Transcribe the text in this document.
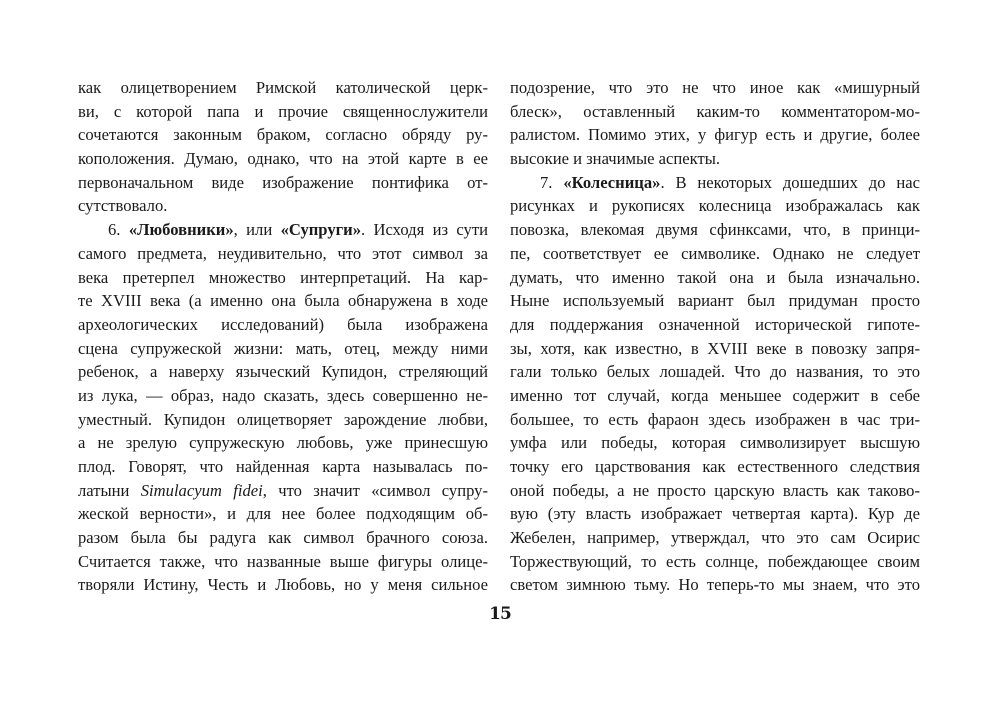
как олицетворением Римской католической церк-
ви, с которой папа и прочие священнослужители
сочетаются законным браком, согласно обряду ру-
коположения. Думаю, однако, что на этой карте в ее
первоначальном виде изображение понтифика от-
сутствовало.
6. «Любовники», или «Супруги». Исходя из сути
самого предмета, неудивительно, что этот символ за
века претерпел множество интерпретаций. На кар-
те XVIII века (а именно она была обнаружена в ходе
археологических исследований) была изображена
сцена супружеской жизни: мать, отец, между ними
ребенок, а наверху языческий Купидон, стреляющий
из лука, — образ, надо сказать, здесь совершенно не-
уместный. Купидон олицетворяет зарождение любви,
а не зрелую супружескую любовь, уже принесшую
плод. Говорят, что найденная карта называлась по-
латыни Simulacyum fidei, что значит «символ супру-
жеской верности», и для нее более подходящим об-
разом была бы радуга как символ брачного союза.
Считается также, что названные выше фигуры олице-
творяли Истину, Честь и Любовь, но у меня сильное
подозрение, что это не что иное как «мишурный
блеск», оставленный каким-то комментатором-мо-
ралистом. Помимо этих, у фигур есть и другие, более
высокие и значимые аспекты.
7. «Колесница». В некоторых дошедших до нас
рисунках и рукописях колесница изображалась как
повозка, влекомая двумя сфинксами, что, в принци-
пе, соответствует ее символике. Однако не следует
думать, что именно такой она и была изначально.
Ныне используемый вариант был придуман просто
для поддержания означенной исторической гипоте-
зы, хотя, как известно, в XVIII веке в повозку запря-
гали только белых лошадей. Что до названия, то это
именно тот случай, когда меньшее содержит в себе
большее, то есть фараон здесь изображен в час три-
умфа или победы, которая символизирует высшую
точку его царствования как естественного следствия
оной победы, а не просто царскую власть как таково-
вую (эту власть изображает четвертая карта). Кур де
Жебелен, например, утверждал, что это сам Осирис
Торжествующий, то есть солнце, побеждающее своим
светом зимнюю тьму. Но теперь-то мы знаем, что это
15
